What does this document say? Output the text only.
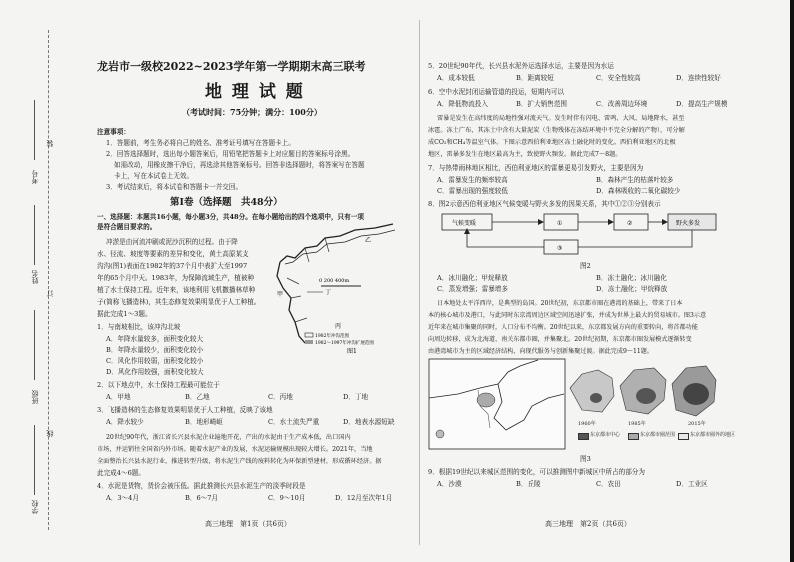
考号
姓名
班级
学校
装
订
线
龙岩市一级校2022~2023学年第一学期期末高三联考
地 理 试 题
（考试时间：75分钟；满分：100分）
注意事项：
1．答题前，考生务必将自己的姓名、准考证号填写在答题卡上。
2．回答选择题时，选出每小题答案后，用铅笔把答题卡上对应题目的答案标号涂黑。
如需改动，用橡皮擦干净后，再选涂其他答案标号。回答非选择题时，将答案写在答题
卡上，写在本试卷上无效。
3．考试结束后，将本试卷和答题卡一并交回。
第Ⅰ卷（选择题　共48分）
一、选择题：本题共16小题，每小题3分，共48分。在每小题给出的四个选项中，只有一项
是符合题目要求的。
冲淤是由河流冲刷或泥沙沉积的过程。由于降
水、径流、坡度等要素的差异和变化，黄土高原某支
沟沟(图1)表面在1982年的37个月中表扩大至1997
年的65个月中天。1983年，为保障流域生产，植被种
植了水土保持工程。近年来，该地利用飞机撒播林草种
子(简称飞播造林)，其生态修复效果明显优于人工种植。
据此完成1～3题。
丁
甲
乙
丙
0 200 400m
1982年冲沟范围
1982～1997年冲沟扩展范围
图1
1．与南坡相比，该冲沟北坡
A．年降水量较多，面积变化较大
B．年降水量较少，面积变化较小
C．风化作用较弱，面积变化较小
D．风化作用较强，面积变化较大
2．以下地点中，水土保持工程最可能位于
A．甲地	B．乙地	C．丙地	D．丁地
3．飞播造林的生态修复效果明显优于人工种植，反映了该地
A．降水较少	B．地形崎岖	C．水土流失严重	D．地表水源短缺
20世纪90年代，浙江省长兴县水泥企业遍地开花，产出的水泥由于生产成本低，出口国内
市场，并运销往全国省内外市场。随着水泥产业的发展，水泥运输规模出现较大增长。2021年，当地
全面整治长兴县水泥行业，推进转型升级，将水泥生产线的废料转化为环保新型建材，形成循环经济。据
此完成4～6题。
4．水泥是货物，货价会被压低。据此推测长兴县水泥生产的淡季时段是
A．3～4月	B．6～7月	C．9～10月	D．12月至次年1月
高三地理　第1页（共6页）
5．20世纪90年代，长兴县水泥外运选择水运，主要是因为水运
A．成本较低	B．距离较短	C．安全性较高	D．连续性较好
6．空中水泥封闭运输管道的投运，短期内可以
A．降低物流投入	B．扩大销售范围	C．改善周边环境	D．提高生产规模
雷暴是发生在高纬度的局地性强对流天气。发生时伴有闪电、雷鸣、大风、局地降水，甚至
冰雹。冻土广布，其冻土中含有大量泥炭（生物残体在冻结环境中不完全分解的产物），可分解
成CO₂和CH₄等温室气体。下图示意西伯利亚地区冻土融化时的变化。西伯利亚地区的北极
地区，雷暴多发生在地区最高为主，致使野火频发。据此完成7～8题。
7．与热带雨林地区相比，西伯利亚地区的雷暴更易引发野火，主要是因为
A．雷暴发生的频率较高	B．森林产生的枯落叶较多
C．雷暴出现的强度较低	D．森林吸收的二氧化碳较少
8．图2示意西伯利亚地区气候变暖与野火多发的因果关系，其中①②③分别表示
气候变暖	①	②	野火多发
③
图2
A．冰川融化；甲烷释放	B．冻土融化；冰川融化
C．蒸发增强；雷暴增多	D．冻土融化；甲烷释放
日本地处太平洋西岸，是典型的岛国。20世纪初，东京都市圈在港湾的基础上，带来了日本
本的核心城市及港口，与此同时东京湾周边区域空间迅速扩张，并成为世界上最大的贸易城市。图3示意
近年来在城市集聚的同时，人口分布不均衡。20世纪以来，东京都发展方向的重要转向，将首都功能
向周边转移，成为北海道、南关东都市圈，并集聚北。20世纪初期，东京都市圈发展模式逐渐转变
由港湾城市为主的区域经济结构，向现代服务与创新集聚过渡。据此完成9～11题。
1960年	1985年	2015年
东京都市中心	东京都市圈范围	东京都市圈外的地区
图3
9．根据19世纪以来城区范围的变化，可以推测图中新城区中所占的部分为
A．沙漠	B．丘陵	C．农田	D．工业区
高三地理　第2页（共6页）
